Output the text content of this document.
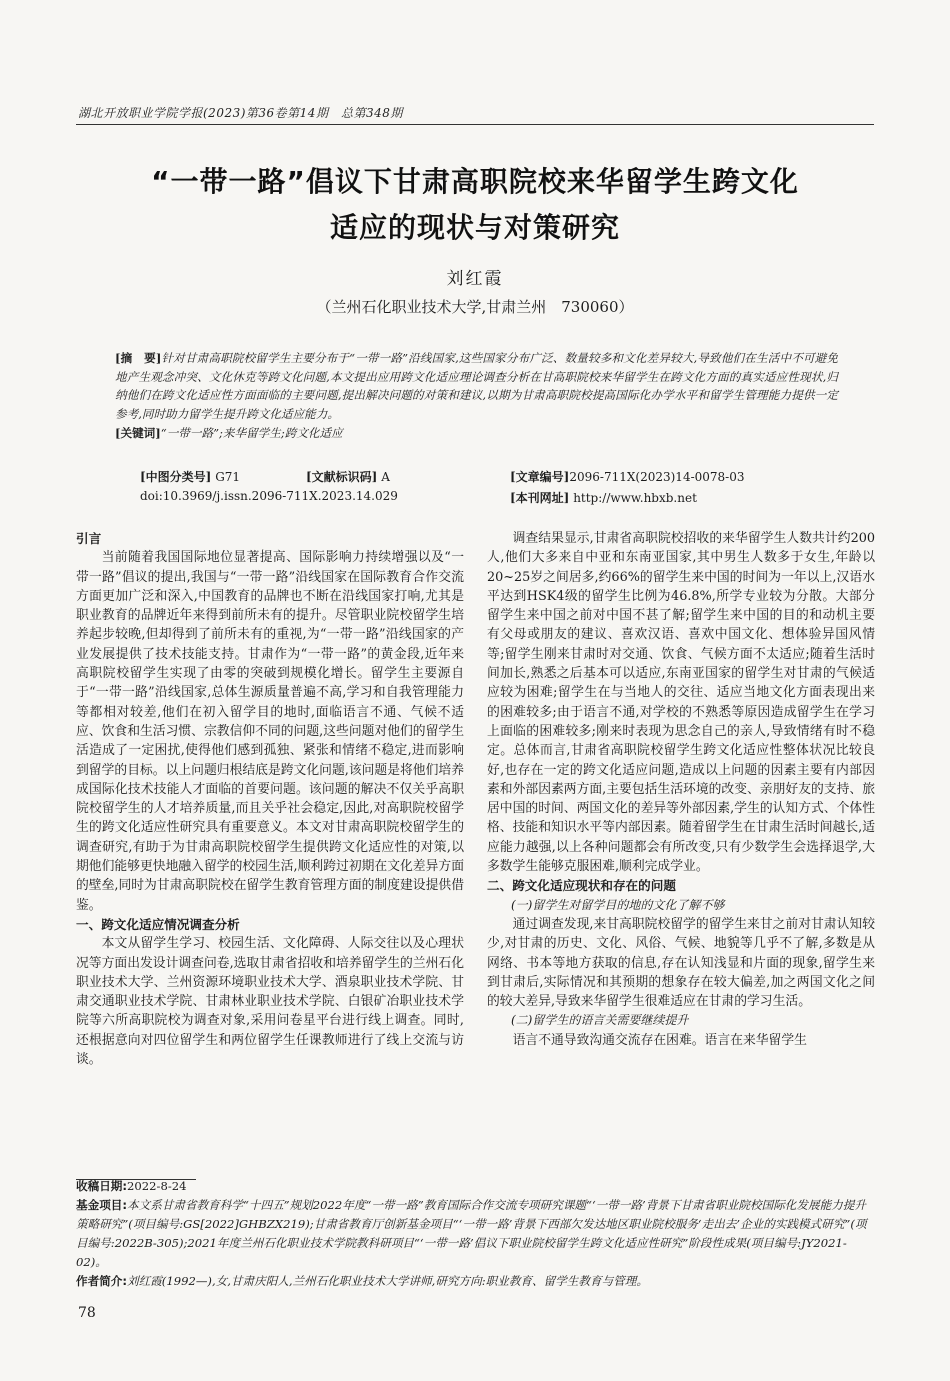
湖北开放职业学院学报(2023)第36卷第14期　总第348期
“一带一路”倡议下甘肃高职院校来华留学生跨文化
适应的现状与对策研究
刘红霞
（兰州石化职业技术大学,甘肃兰州　730060）
[摘　要]针对甘肃高职院校留学生主要分布于“一带一路”沿线国家,这些国家分布广泛、数量较多和文化差异较大,导致他们在生活中不可避免地产生观念冲突、文化休克等跨文化问题,本文提出应用跨文化适应理论调查分析在甘高职院校来华留学生在跨文化方面的真实适应性现状,归纳他们在跨文化适应性方面面临的主要问题,提出解决问题的对策和建议,以期为甘肃高职院校提高国际化办学水平和留学生管理能力提供一定参考,同时助力留学生提升跨文化适应能力。
[关键词]“一带一路”;来华留学生;跨文化适应
[中图分类号] G71	[文献标识码] A	[文章编号]2096-711X(2023)14-0078-03
doi:10.3969/j.issn.2096-711X.2023.14.029	[本刊网址] http://www.hbxb.net
引言

当前随着我国国际地位显著提高、国际影响力持续增强以及“一带一路”倡议的提出,我国与“一带一路”沿线国家在国际教育合作交流方面更加广泛和深入,中国教育的品牌也不断在沿线国家打响,尤其是职业教育的品牌近年来得到前所未有的提升。尽管职业院校留学生培养起步较晚,但却得到了前所未有的重视,为“一带一路”沿线国家的产业发展提供了技术技能支持。甘肃作为“一带一路”的黄金段,近年来高职院校留学生实现了由零的突破到规模化增长。留学生主要源自于“一带一路”沿线国家,总体生源质量普遍不高,学习和自我管理能力等都相对较差,他们在初入留学目的地时,面临语言不通、气候不适应、饮食和生活习惯、宗教信仰不同的问题,这些问题对他们的留学生活造成了一定困扰,使得他们感到孤独、紧张和情绪不稳定,进而影响到留学的目标。以上问题归根结底是跨文化问题,该问题是将他们培养成国际化技术技能人才面临的首要问题。该问题的解决不仅关乎高职院校留学生的人才培养质量,而且关乎社会稳定,因此,对高职院校留学生的跨文化适应性研究具有重要意义。本文对甘肃高职院校留学生的调查研究,有助于为甘肃高职院校留学生提供跨文化适应性的对策,以期他们能够更快地融入留学的校园生活,顺利跨过初期在文化差异方面的壁垒,同时为甘肃高职院校在留学生教育管理方面的制度建设提供借鉴。

一、跨文化适应情况调查分析

本文从留学生学习、校园生活、文化障碍、人际交往以及心理状况等方面出发设计调查问卷,选取甘肃省招收和培养留学生的兰州石化职业技术大学、兰州资源环境职业技术大学、酒泉职业技术学院、甘肃交通职业技术学院、甘肃林业职业技术学院、白银矿冶职业技术学院等六所高职院校为调查对象,采用问卷星平台进行线上调查。同时,还根据意向对四位留学生和两位留学生任课教师进行了线上交流与访谈。

调查结果显示,甘肃省高职院校招收的来华留学生人数共计约200人,他们大多来自中亚和东南亚国家,其中男生人数多于女生,年龄以20~25岁之间居多,约66%的留学生来中国的时间为一年以上,汉语水平达到HSK4级的留学生比例为46.8%,所学专业较为分散。大部分留学生来中国之前对中国不甚了解;留学生来中国的目的和动机主要有父母或朋友的建议、喜欢汉语、喜欢中国文化、想体验异国风情等;留学生刚来甘肃时对交通、饮食、气候方面不太适应;随着生活时间加长,熟悉之后基本可以适应,东南亚国家的留学生对甘肃的气候适应较为困难;留学生在与当地人的交往、适应当地文化方面表现出来的困难较多;由于语言不通,对学校的不熟悉等原因造成留学生在学习上面临的困难较多;刚来时表现为思念自己的亲人,导致情绪有时不稳定。总体而言,甘肃省高职院校留学生跨文化适应性整体状况比较良好,也存在一定的跨文化适应问题,造成以上问题的因素主要有内部因素和外部因素两方面,主要包括生活环境的改变、亲朋好友的支持、旅居中国的时间、两国文化的差异等外部因素,学生的认知方式、个体性格、技能和知识水平等内部因素。随着留学生在甘肃生活时间越长,适应能力越强,以上各种问题都会有所改变,只有少数学生会选择退学,大多数学生能够克服困难,顺利完成学业。

二、跨文化适应现状和存在的问题
(一)留学生对留学目的地的文化了解不够

通过调查发现,来甘高职院校留学的留学生来甘之前对甘肃认知较少,对甘肃的历史、文化、风俗、气候、地貌等几乎不了解,多数是从网络、书本等地方获取的信息,存在认知浅显和片面的现象,留学生来到甘肃后,实际情况和其预期的想象存在较大偏差,加之两国文化之间的较大差异,导致来华留学生很难适应在甘肃的学习生活。

(二)留学生的语言关需要继续提升

语言不通导致沟通交流存在困难。语言在来华留学生

收稿日期:2022-8-24
基金项目:本文系甘肃省教育科学“十四五”规划2022年度“一带一路”教育国际合作交流专项研究课题“‘一带一路’背景下甘肃省职业院校国际化发展能力提升策略研究”(项目编号:GS[2022]GHBZX219);甘肃省教育厅创新基金项目“‘一带一路’背景下西部欠发达地区职业院校服务‘走出去’企业的实践模式研究”(项目编号:2022B-305);2021年度兰州石化职业技术学院教科研项目“‘一带一路’倡议下职业院校留学生跨文化适应性研究”阶段性成果(项目编号:JY2021-02)。
作者简介:刘红霞(1992—),女,甘肃庆阳人,兰州石化职业技术大学讲师,研究方向:职业教育、留学生教育与管理。
78
